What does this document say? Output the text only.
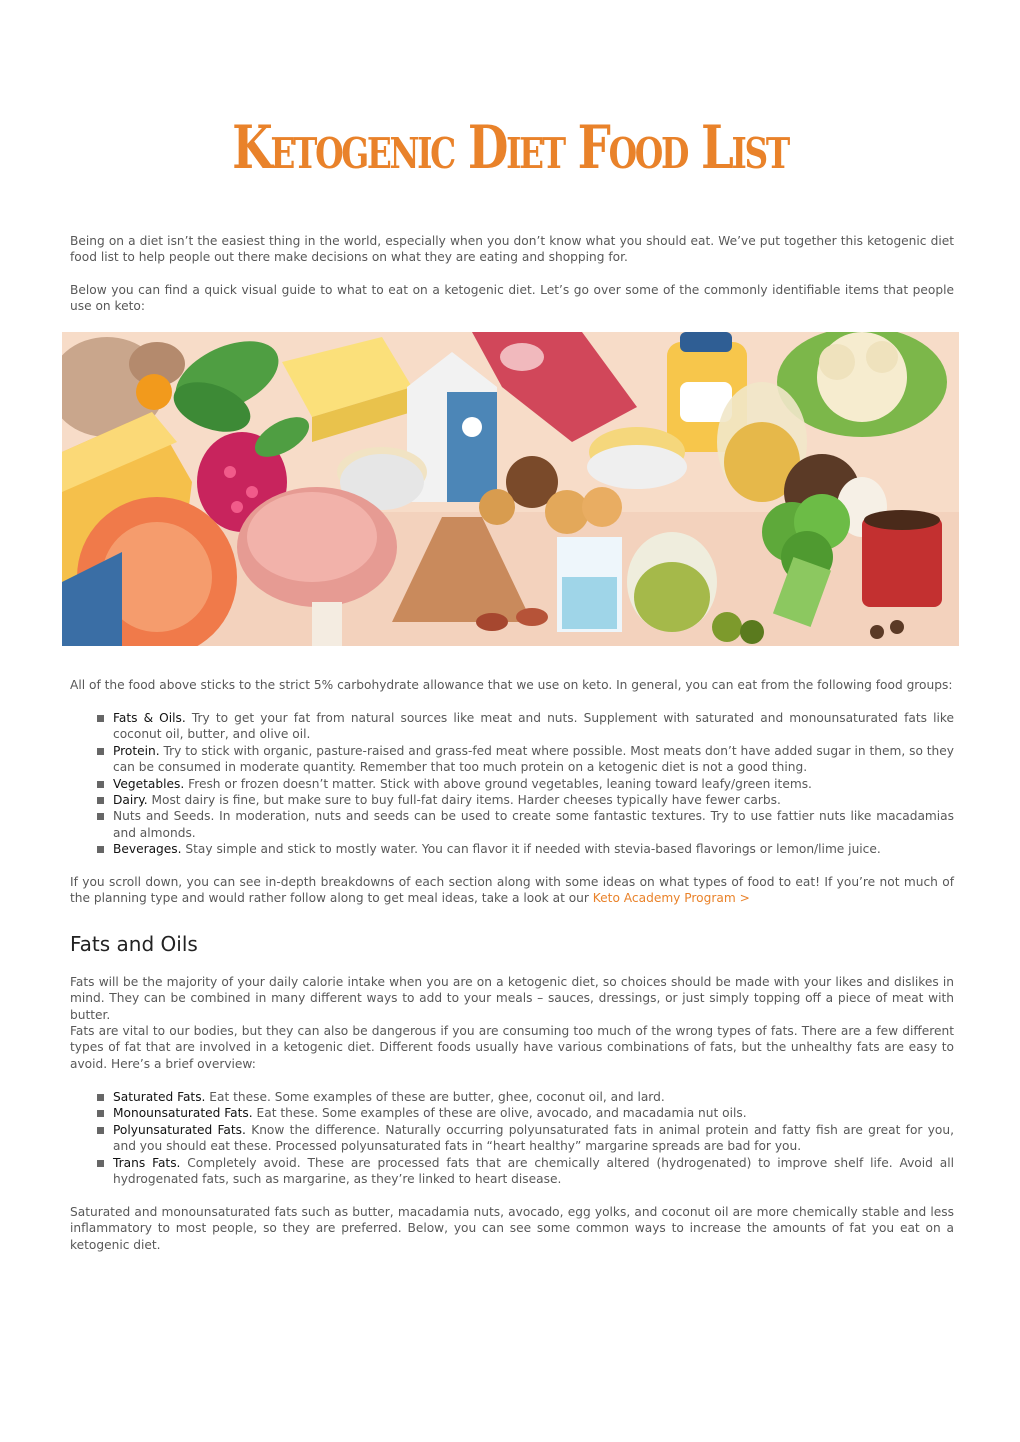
Ketogenic Diet Food List

Being on a diet isn’t the easiest thing in the world, especially when you don’t know what you should eat. We’ve put together this ketogenic diet food list to help people out there make decisions on what they are eating and shopping for.

Below you can find a quick visual guide to what to eat on a ketogenic diet. Let’s go over some of the commonly identifiable items that people use on keto:

All of the food above sticks to the strict 5% carbohydrate allowance that we use on keto. In general, you can eat from the following food groups:

Fats & Oils. Try to get your fat from natural sources like meat and nuts. Supplement with saturated and monounsaturated fats like coconut oil, butter, and olive oil.
Protein. Try to stick with organic, pasture-raised and grass-fed meat where possible. Most meats don’t have added sugar in them, so they can be consumed in moderate quantity. Remember that too much protein on a ketogenic diet is not a good thing.
Vegetables. Fresh or frozen doesn’t matter. Stick with above ground vegetables, leaning toward leafy/green items.
Dairy. Most dairy is fine, but make sure to buy full-fat dairy items. Harder cheeses typically have fewer carbs.
Nuts and Seeds. In moderation, nuts and seeds can be used to create some fantastic textures. Try to use fattier nuts like macadamias and almonds.
Beverages. Stay simple and stick to mostly water. You can flavor it if needed with stevia-based flavorings or lemon/lime juice.

If you scroll down, you can see in-depth breakdowns of each section along with some ideas on what types of food to eat! If you’re not much of the planning type and would rather follow along to get meal ideas, take a look at our Keto Academy Program >

Fats and Oils

Fats will be the majority of your daily calorie intake when you are on a ketogenic diet, so choices should be made with your likes and dislikes in mind. They can be combined in many different ways to add to your meals – sauces, dressings, or just simply topping off a piece of meat with butter.

Fats are vital to our bodies, but they can also be dangerous if you are consuming too much of the wrong types of fats. There are a few different types of fat that are involved in a ketogenic diet. Different foods usually have various combinations of fats, but the unhealthy fats are easy to avoid. Here’s a brief overview:

Saturated Fats. Eat these. Some examples of these are butter, ghee, coconut oil, and lard.
Monounsaturated Fats. Eat these. Some examples of these are olive, avocado, and macadamia nut oils.
Polyunsaturated Fats. Know the difference. Naturally occurring polyunsaturated fats in animal protein and fatty fish are great for you, and you should eat these. Processed polyunsaturated fats in “heart healthy” margarine spreads are bad for you.
Trans Fats. Completely avoid. These are processed fats that are chemically altered (hydrogenated) to improve shelf life. Avoid all hydrogenated fats, such as margarine, as they’re linked to heart disease.

Saturated and monounsaturated fats such as butter, macadamia nuts, avocado, egg yolks, and coconut oil are more chemically stable and less inflammatory to most people, so they are preferred. Below, you can see some common ways to increase the amounts of fat you eat on a ketogenic diet.
